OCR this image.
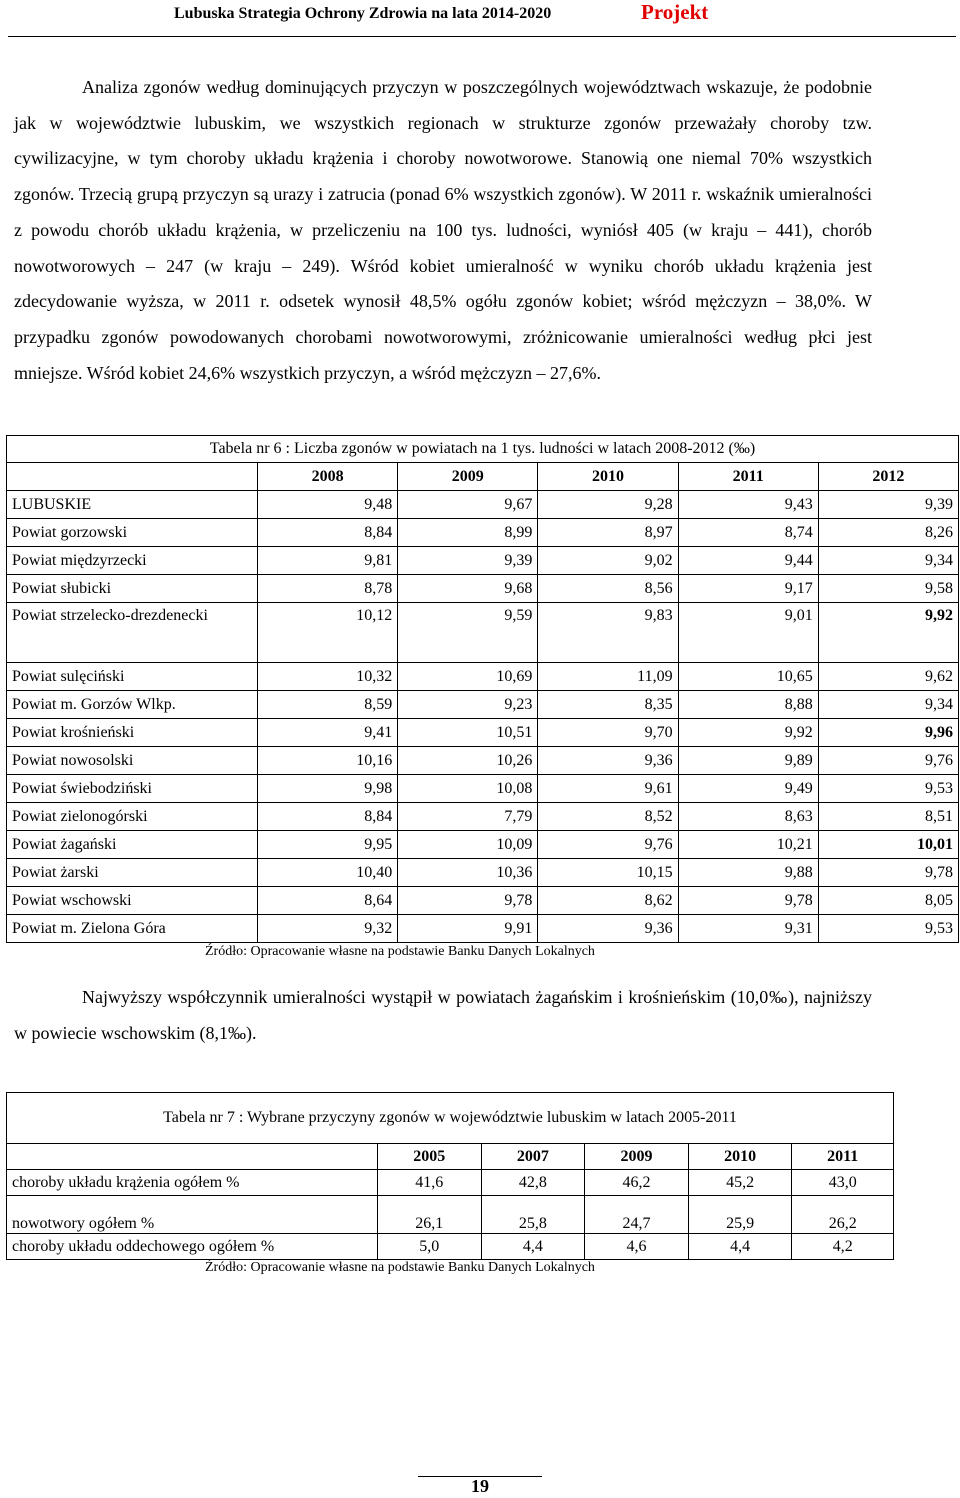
Lubuska Strategia Ochrony Zdrowia na lata 2014-2020	Projekt

Analiza zgonów według dominujących przyczyn w poszczególnych województwach wskazuje, że podobnie jak w województwie lubuskim, we wszystkich regionach w strukturze zgonów przeważały choroby tzw. cywilizacyjne, w tym choroby układu krążenia i choroby nowotworowe. Stanowią one niemal 70% wszystkich zgonów. Trzecią grupą przyczyn są urazy i zatrucia (ponad 6% wszystkich zgonów). W 2011 r. wskaźnik umieralności z powodu chorób układu krążenia, w przeliczeniu na 100 tys. ludności, wyniósł 405 (w kraju – 441), chorób nowotworowych – 247 (w kraju – 249). Wśród kobiet umieralność w wyniku chorób układu krążenia jest zdecydowanie wyższa, w 2011 r. odsetek wynosił 48,5% ogółu zgonów kobiet; wśród mężczyzn – 38,0%. W przypadku zgonów powodowanych chorobami nowotworowymi, zróżnicowanie umieralności według płci jest mniejsze. Wśród kobiet 24,6% wszystkich przyczyn, a wśród mężczyzn – 27,6%.

Tabela nr 6 : Liczba zgonów w powiatach na 1 tys. ludności w latach 2008-2012 (‰)					
	2008	2009	2010	2011	2012
LUBUSKIE	9,48	9,67	9,28	9,43	9,39
Powiat gorzowski	8,84	8,99	8,97	8,74	8,26
Powiat międzyrzecki	9,81	9,39	9,02	9,44	9,34
Powiat słubicki	8,78	9,68	8,56	9,17	9,58
Powiat strzelecko-drezdenecki	10,12	9,59	9,83	9,01	9,92
Powiat sulęciński	10,32	10,69	11,09	10,65	9,62
Powiat m. Gorzów Wlkp.	8,59	9,23	8,35	8,88	9,34
Powiat krośnieński	9,41	10,51	9,70	9,92	9,96
Powiat nowosolski	10,16	10,26	9,36	9,89	9,76
Powiat świebodziński	9,98	10,08	9,61	9,49	9,53
Powiat zielonogórski	8,84	7,79	8,52	8,63	8,51
Powiat żagański	9,95	10,09	9,76	10,21	10,01
Powiat żarski	10,40	10,36	10,15	9,88	9,78
Powiat wschowski	8,64	9,78	8,62	9,78	8,05
Powiat m. Zielona Góra	9,32	9,91	9,36	9,31	9,53
Źródło: Opracowanie własne na podstawie Banku Danych Lokalnych

Najwyższy współczynnik umieralności wystąpił w powiatach żagańskim i krośnieńskim (10,0‰), najniższy w powiecie wschowskim (8,1‰).

Tabela nr 7 : Wybrane przyczyny zgonów w województwie lubuskim w latach 2005-2011					
	2005	2007	2009	2010	2011
choroby układu krążenia ogółem %	41,6	42,8	46,2	45,2	43,0
nowotwory ogółem %	26,1	25,8	24,7	25,9	26,2
choroby układu oddechowego ogółem %	5,0	4,4	4,6	4,4	4,2
Źródło: Opracowanie własne na podstawie Banku Danych Lokalnych
19
